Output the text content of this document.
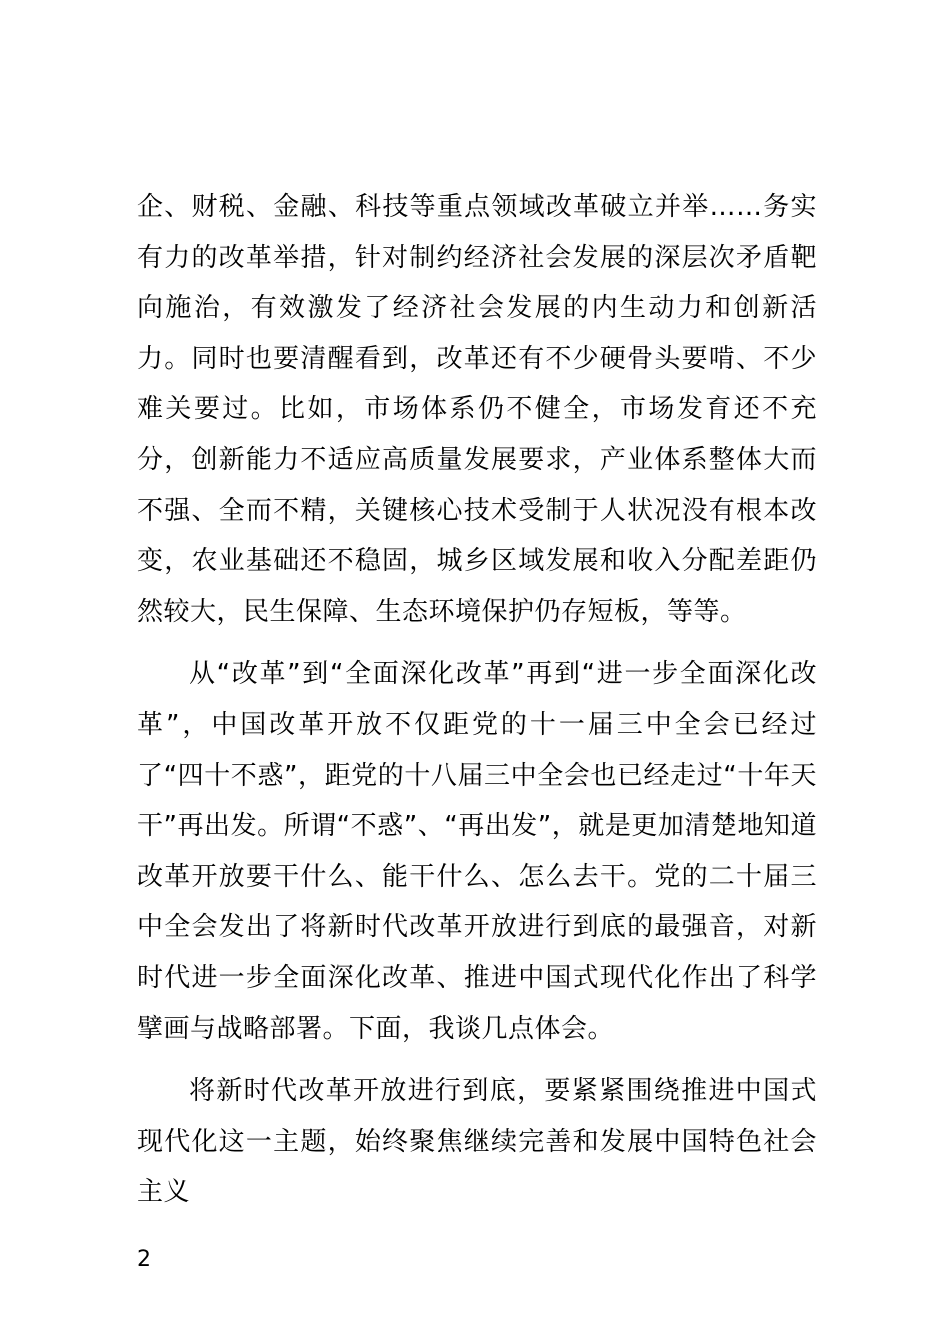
企、财税、金融、科技等重点领域改革破立并举……务实有力的改革举措，针对制约经济社会发展的深层次矛盾靶向施治，有效激发了经济社会发展的内生动力和创新活力。同时也要清醒看到，改革还有不少硬骨头要啃、不少难关要过。比如，市场体系仍不健全，市场发育还不充分，创新能力不适应高质量发展要求，产业体系整体大而不强、全而不精，关键核心技术受制于人状况没有根本改变，农业基础还不稳固，城乡区域发展和收入分配差距仍然较大，民生保障、生态环境保护仍存短板，等等。

从“改革”到“全面深化改革”再到“进一步全面深化改革”，中国改革开放不仅距党的十一届三中全会已经过了“四十不惑”，距党的十八届三中全会也已经走过“十年天干”再出发。所谓“不惑”、“再出发”，就是更加清楚地知道改革开放要干什么、能干什么、怎么去干。党的二十届三中全会发出了将新时代改革开放进行到底的最强音，对新时代进一步全面深化改革、推进中国式现代化作出了科学擘画与战略部署。下面，我谈几点体会。

将新时代改革开放进行到底，要紧紧围绕推进中国式现代化这一主题，始终聚焦继续完善和发展中国特色社会主义

2
